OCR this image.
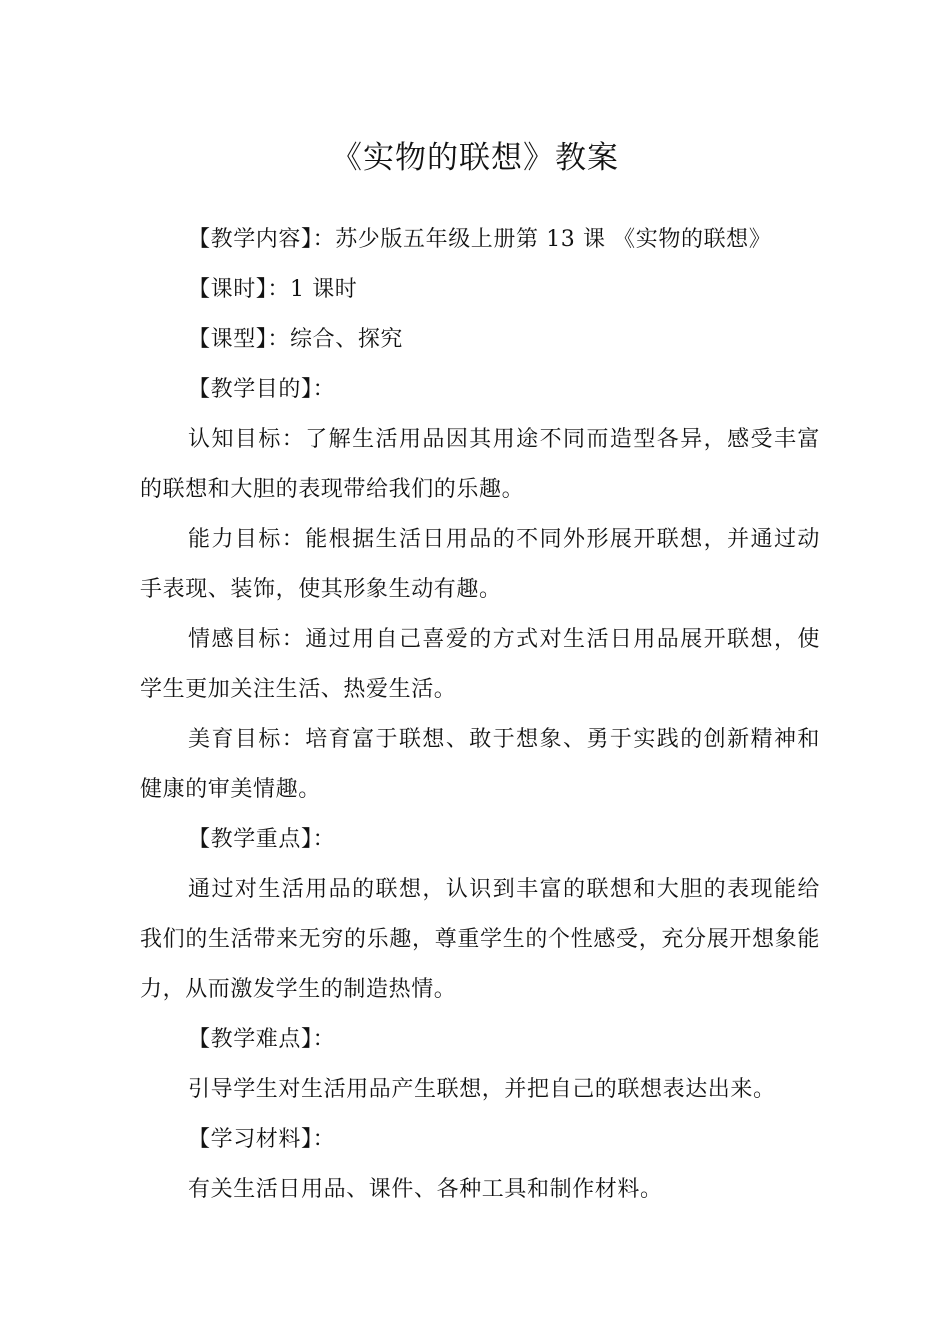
《实物的联想》教案

【教学内容】：苏少版五年级上册第 13 课 《实物的联想》

【课时】：1 课时

【课型】：综合、探究

【教学目的】：

认知目标：了解生活用品因其用途不同而造型各异，感受丰富的联想和大胆的表现带给我们的乐趣。

能力目标：能根据生活日用品的不同外形展开联想，并通过动手表现、装饰，使其形象生动有趣。

情感目标：通过用自己喜爱的方式对生活日用品展开联想，使学生更加关注生活、热爱生活。

美育目标：培育富于联想、敢于想象、勇于实践的创新精神和健康的审美情趣。

【教学重点】：

通过对生活用品的联想，认识到丰富的联想和大胆的表现能给我们的生活带来无穷的乐趣，尊重学生的个性感受，充分展开想象能力，从而激发学生的制造热情。

【教学难点】：

引导学生对生活用品产生联想，并把自己的联想表达出来。

【学习材料】：

有关生活日用品、课件、各种工具和制作材料。
